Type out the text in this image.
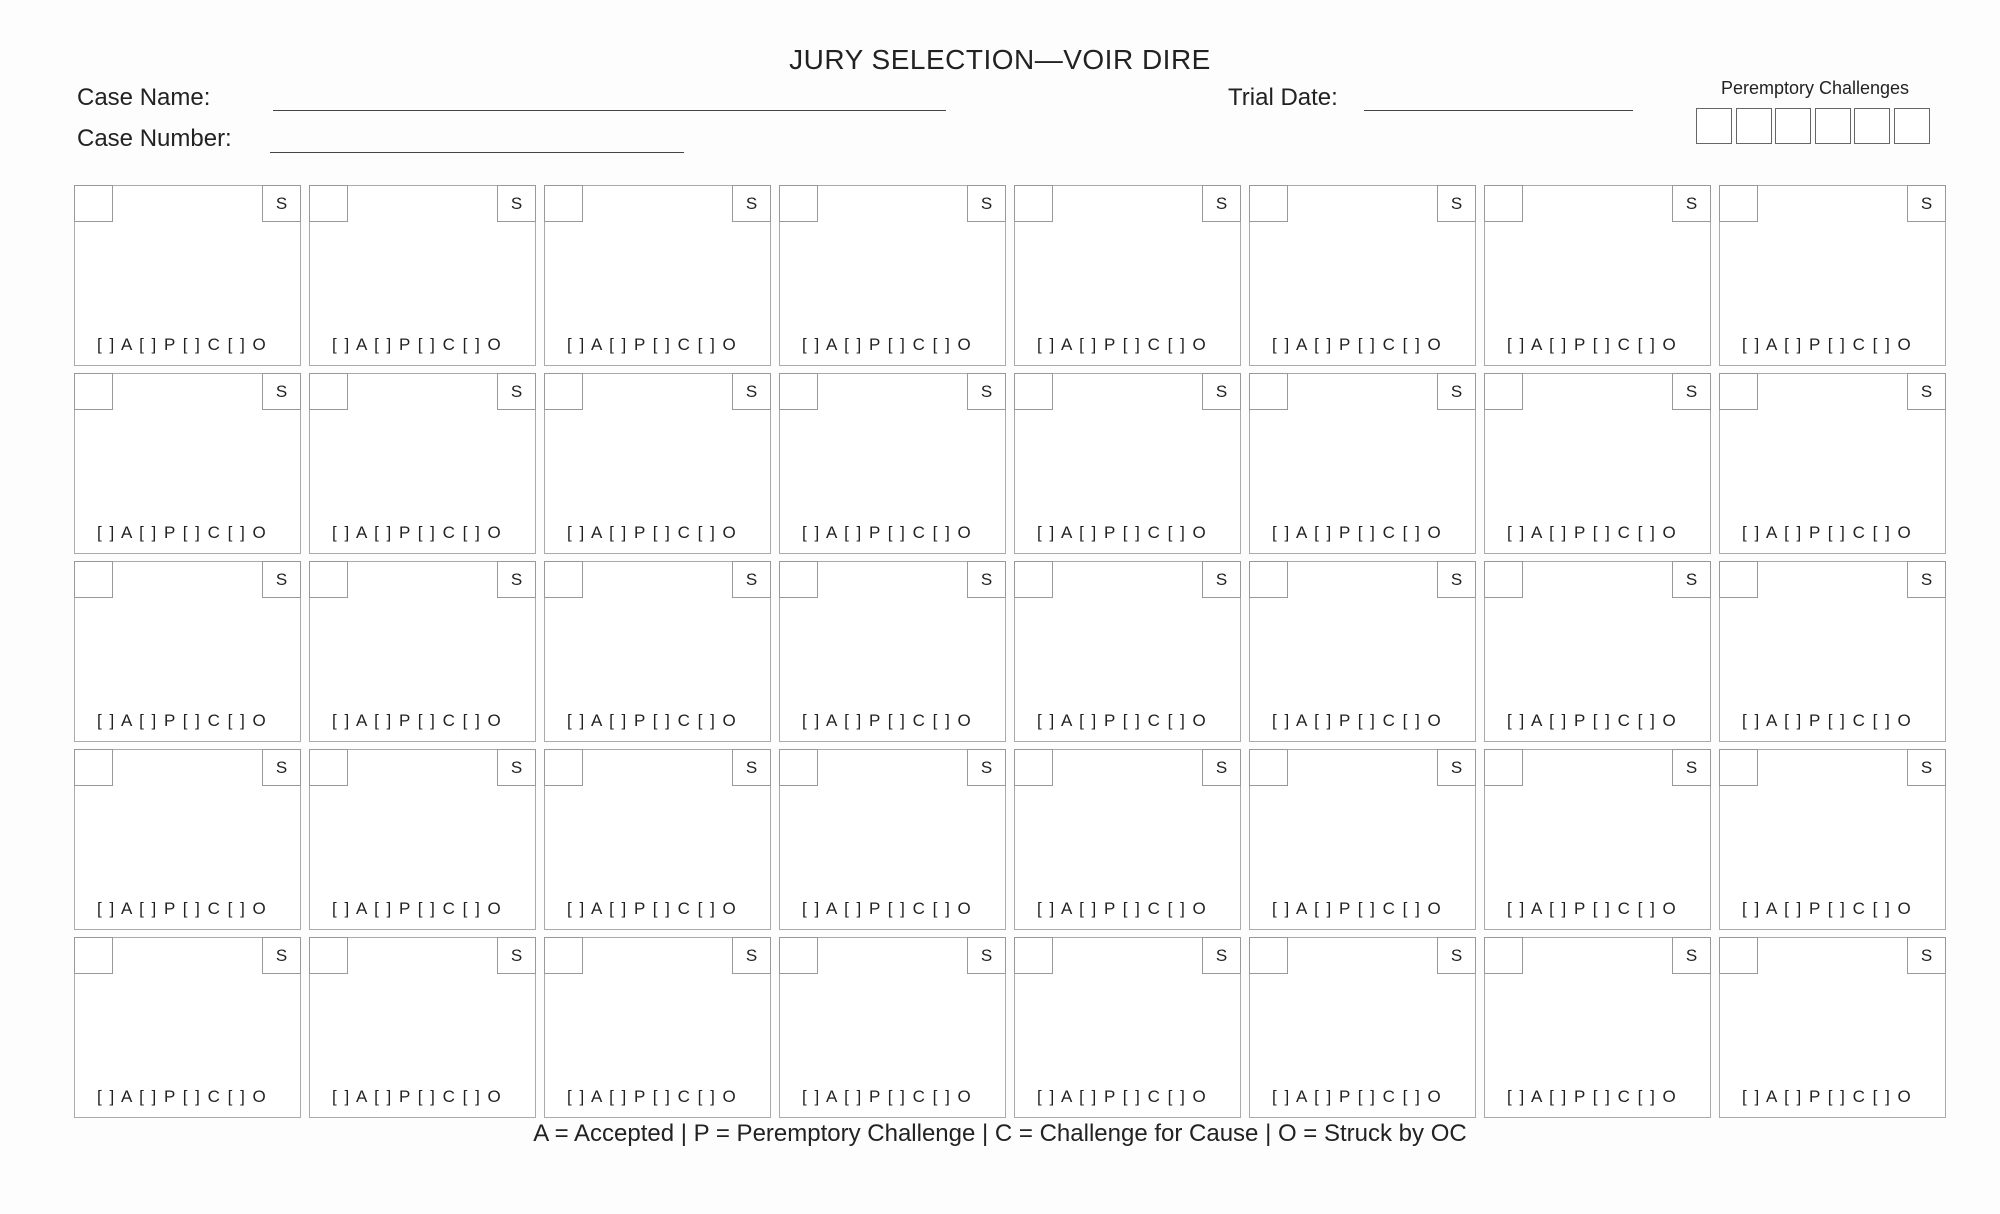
JURY SELECTION—VOIR DIRE
Case Name:
Case Number:
Trial Date:	Peremptory Challenges
S
[ ] A [ ] P [ ] C [ ] O
S
[ ] A [ ] P [ ] C [ ] O
S
[ ] A [ ] P [ ] C [ ] O
S
[ ] A [ ] P [ ] C [ ] O
S
[ ] A [ ] P [ ] C [ ] O
S
[ ] A [ ] P [ ] C [ ] O
S
[ ] A [ ] P [ ] C [ ] O
S
[ ] A [ ] P [ ] C [ ] O
S
[ ] A [ ] P [ ] C [ ] O
S
[ ] A [ ] P [ ] C [ ] O
S
[ ] A [ ] P [ ] C [ ] O
S
[ ] A [ ] P [ ] C [ ] O
S
[ ] A [ ] P [ ] C [ ] O
S
[ ] A [ ] P [ ] C [ ] O
S
[ ] A [ ] P [ ] C [ ] O
S
[ ] A [ ] P [ ] C [ ] O
S
[ ] A [ ] P [ ] C [ ] O
S
[ ] A [ ] P [ ] C [ ] O
S
[ ] A [ ] P [ ] C [ ] O
S
[ ] A [ ] P [ ] C [ ] O
S
[ ] A [ ] P [ ] C [ ] O
S
[ ] A [ ] P [ ] C [ ] O
S
[ ] A [ ] P [ ] C [ ] O
S
[ ] A [ ] P [ ] C [ ] O
S
[ ] A [ ] P [ ] C [ ] O
S
[ ] A [ ] P [ ] C [ ] O
S
[ ] A [ ] P [ ] C [ ] O
S
[ ] A [ ] P [ ] C [ ] O
S
[ ] A [ ] P [ ] C [ ] O
S
[ ] A [ ] P [ ] C [ ] O
S
[ ] A [ ] P [ ] C [ ] O
S
[ ] A [ ] P [ ] C [ ] O
S
[ ] A [ ] P [ ] C [ ] O
S
[ ] A [ ] P [ ] C [ ] O
S
[ ] A [ ] P [ ] C [ ] O
S
[ ] A [ ] P [ ] C [ ] O
S
[ ] A [ ] P [ ] C [ ] O
S
[ ] A [ ] P [ ] C [ ] O
S
[ ] A [ ] P [ ] C [ ] O
S
[ ] A [ ] P [ ] C [ ] O
A = Accepted | P = Peremptory Challenge | C = Challenge for Cause | O = Struck by OC
